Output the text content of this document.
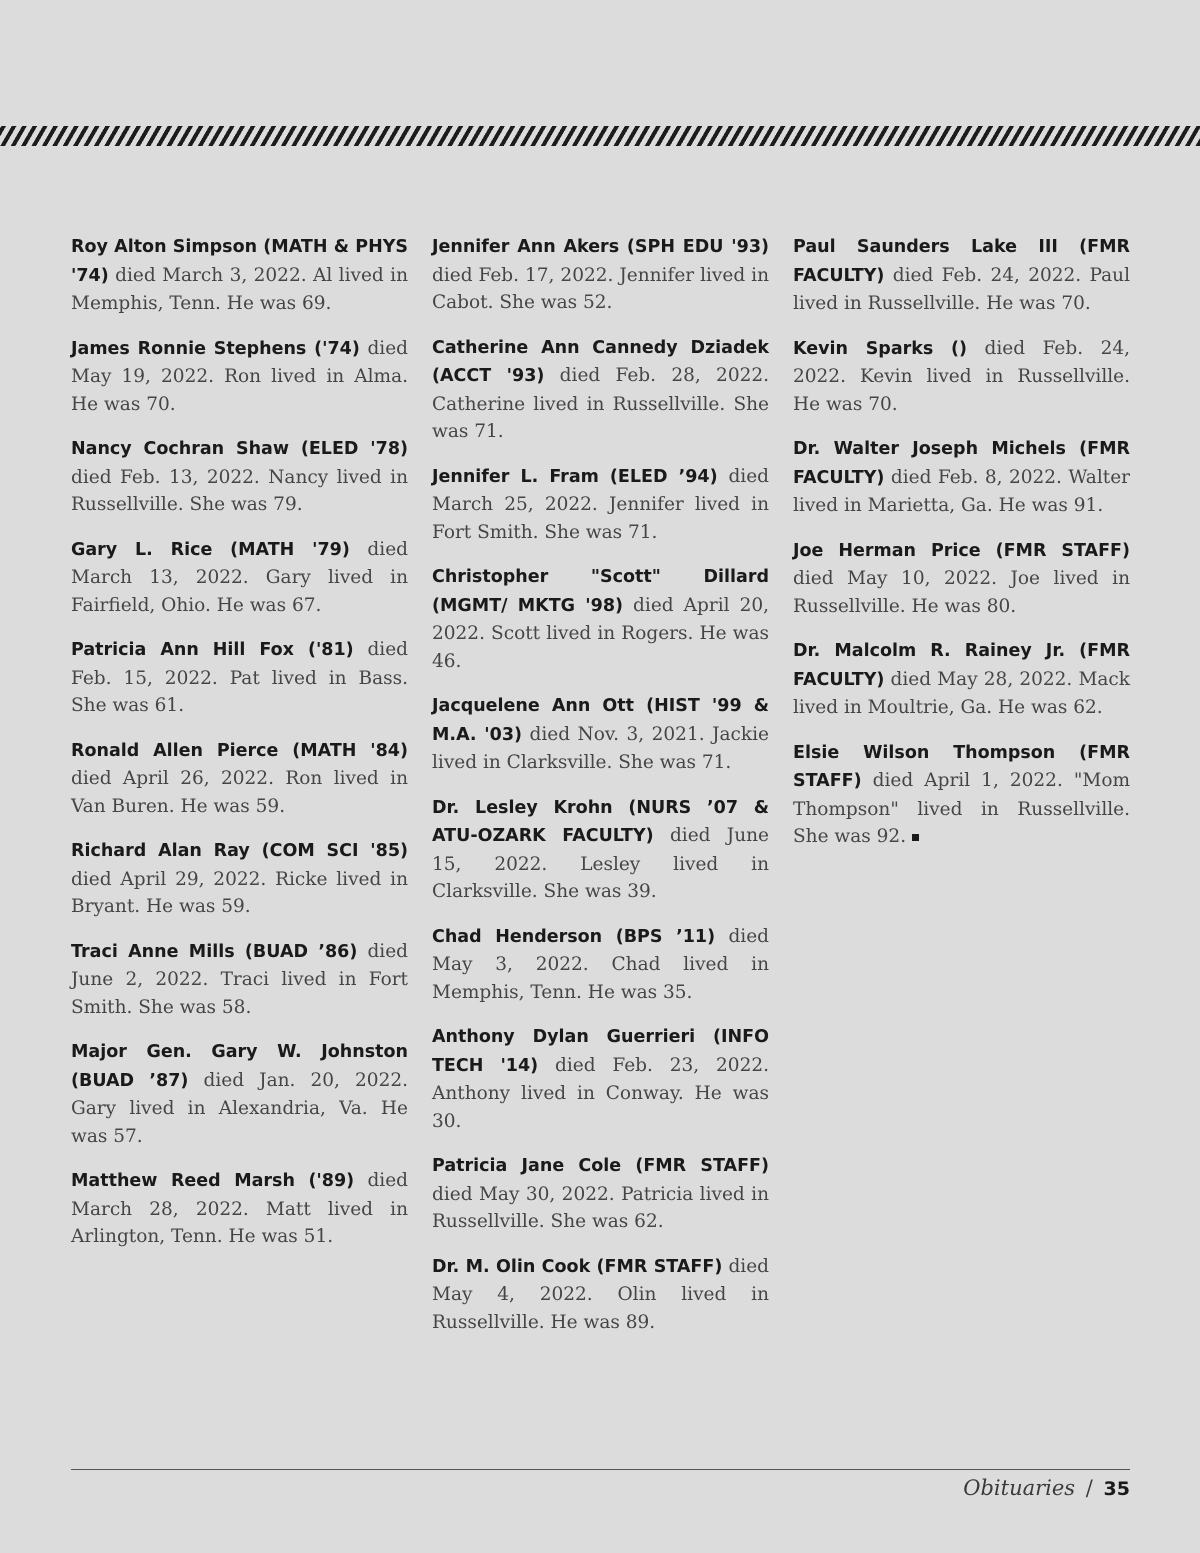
Roy Alton Simpson (MATH & PHYS '74) died March 3, 2022. Al lived in Memphis, Tenn. He was 69.

James Ronnie Stephens ('74) died May 19, 2022. Ron lived in Alma. He was 70.

Nancy Cochran Shaw (ELED '78) died Feb. 13, 2022. Nancy lived in Russellville. She was 79.

Gary L. Rice (MATH '79) died March 13, 2022. Gary lived in Fairfield, Ohio. He was 67.

Patricia Ann Hill Fox ('81) died Feb. 15, 2022. Pat lived in Bass. She was 61.

Ronald Allen Pierce (MATH '84) died April 26, 2022. Ron lived in Van Buren. He was 59.

Richard Alan Ray (COM SCI '85) died April 29, 2022. Ricke lived in Bryant. He was 59.

Traci Anne Mills (BUAD ’86) died June 2, 2022. Traci lived in Fort Smith. She was 58.

Major Gen. Gary W. Johnston (BUAD ’87) died Jan. 20, 2022. Gary lived in Alexandria, Va. He was 57.

Matthew Reed Marsh ('89) died March 28, 2022. Matt lived in Arlington, Tenn. He was 51.

Jennifer Ann Akers (SPH EDU '93) died Feb. 17, 2022. Jennifer lived in Cabot. She was 52.

Catherine Ann Cannedy Dziadek (ACCT '93) died Feb. 28, 2022. Catherine lived in Russellville. She was 71.

Jennifer L. Fram (ELED ’94) died March 25, 2022. Jennifer lived in Fort Smith. She was 71.

Christopher "Scott" Dillard (MGMT/ MKTG '98) died April 20, 2022. Scott lived in Rogers. He was 46.

Jacquelene Ann Ott (HIST '99 & M.A. '03) died Nov. 3, 2021. Jackie lived in Clarksville. She was 71.

Dr. Lesley Krohn (NURS ’07 & ATU-OZARK FACULTY) died June 15, 2022. Lesley lived in Clarksville. She was 39.

Chad Henderson (BPS ’11) died May 3, 2022. Chad lived in Memphis, Tenn. He was 35.

Anthony Dylan Guerrieri (INFO TECH '14) died Feb. 23, 2022. Anthony lived in Conway. He was 30.

Patricia Jane Cole (FMR STAFF) died May 30, 2022. Patricia lived in Russellville. She was 62.

Dr. M. Olin Cook (FMR STAFF) died May 4, 2022. Olin lived in Russellville. He was 89.

Paul Saunders Lake III (FMR FACULTY) died Feb. 24, 2022. Paul lived in Russellville. He was 70.

Kevin Sparks () died Feb. 24, 2022. Kevin lived in Russellville. He was 70.

Dr. Walter Joseph Michels (FMR FACULTY) died Feb. 8, 2022. Walter lived in Marietta, Ga. He was 91.

Joe Herman Price (FMR STAFF) died May 10, 2022. Joe lived in Russellville. He was 80.

Dr. Malcolm R. Rainey Jr. (FMR FACULTY) died May 28, 2022. Mack lived in Moultrie, Ga. He was 62.

Elsie Wilson Thompson (FMR STAFF) died April 1, 2022. "Mom Thompson" lived in Russellville. She was 92.

Obituaries / 35
